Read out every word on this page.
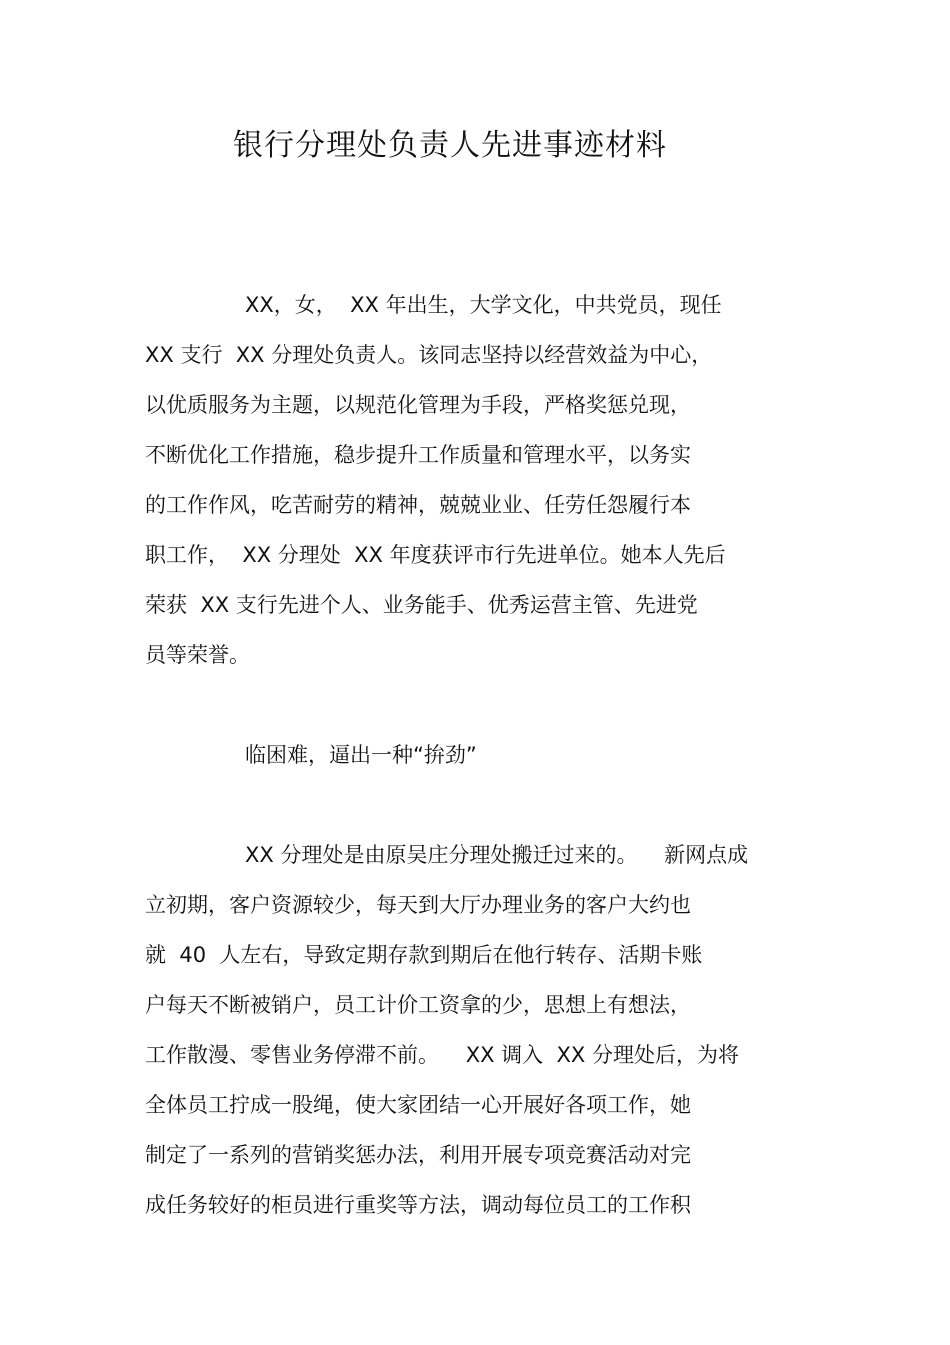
银行分理处负责人先进事迹材料

XX，女，  XX 年出生，大学文化，中共党员，现任

XX 支行  XX 分理处负责人。该同志坚持以经营效益为中心，

以优质服务为主题，以规范化管理为手段，严格奖惩兑现，

不断优化工作措施，稳步提升工作质量和管理水平，以务实

的工作作风，吃苦耐劳的精神，兢兢业业、任劳任怨履行本

职工作，  XX 分理处  XX 年度获评市行先进单位。她本人先后

荣获  XX 支行先进个人、业务能手、优秀运营主管、先进党

员等荣誉。

临困难，逼出一种“拚劲”

XX 分理处是由原吴庄分理处搬迁过来的。    新网点成

立初期，客户资源较少，每天到大厅办理业务的客户大约也

就  40  人左右，导致定期存款到期后在他行转存、活期卡账

户每天不断被销户，员工计价工资拿的少，思想上有想法，

工作散漫、零售业务停滞不前。    XX 调入  XX 分理处后，为将

全体员工拧成一股绳，使大家团结一心开展好各项工作，她

制定了一系列的营销奖惩办法，利用开展专项竞赛活动对完

成任务较好的柜员进行重奖等方法，调动每位员工的工作积
